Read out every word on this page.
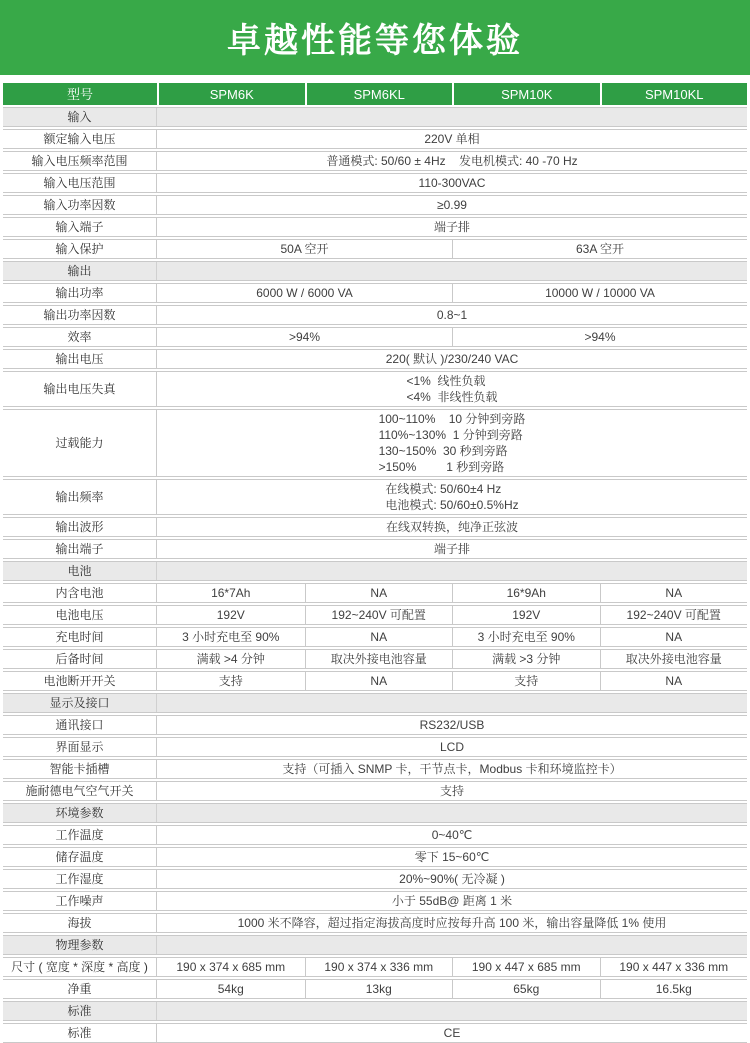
卓越性能等您体验
型号	SPM6K	SPM6KL	SPM10K	SPM10KL
输入
额定输入电压	220V 单相
输入电压频率范围	普通模式: 50/60 ± 4Hz    发电机模式: 40 -70 Hz
输入电压范围	110-300VAC
输入功率因数	≥0.99
输入端子	端子排
输入保护	50A 空开	63A 空开
输出
输出功率	6000 W / 6000 VA	10000 W / 10000 VA
输出功率因数	0.8~1
效率	>94%	>94%
输出电压	220( 默认 )/230/240 VAC
输出电压失真
<1%  线性负载
<4%  非线性负载
过载能力
100~110%    10 分钟到旁路
110%~130%  1 分钟到旁路
130~150%  30 秒到旁路
>150%         1 秒到旁路
输出频率
在线模式: 50/60±4 Hz
电池模式: 50/60±0.5%Hz
输出波形	在线双转换，纯净正弦波
输出端子	端子排
电池
内含电池	16*7Ah	NA	16*9Ah	NA
电池电压	192V	192~240V 可配置	192V	192~240V 可配置
充电时间	3 小时充电至 90%	NA	3 小时充电至 90%	NA
后备时间	满载 >4 分钟	取决外接电池容量	满载 >3 分钟	取决外接电池容量
电池断开开关	支持	NA	支持	NA
显示及接口
通讯接口	RS232/USB
界面显示	LCD
智能卡插槽	支持（可插入 SNMP 卡，干节点卡，Modbus 卡和环境监控卡）
施耐德电气空气开关	支持
环境参数
工作温度	0~40℃
储存温度	零下 15~60℃
工作湿度	20%~90%( 无冷凝 )
工作噪声	小于 55dB@ 距离 1 米
海拔	1000 米不降容，超过指定海拔高度时应按每升高 100 米，输出容量降低 1% 使用
物理参数
尺寸 ( 宽度 * 深度 * 高度 )	190 x 374 x 685 mm	190 x 374 x 336 mm	190 x 447 x 685 mm	190 x 447 x 336 mm
净重	54kg	13kg	65kg	16.5kg
标准
标准	CE
